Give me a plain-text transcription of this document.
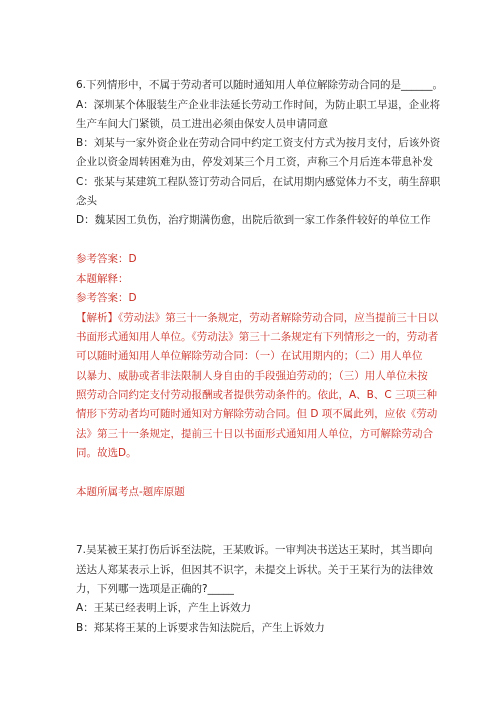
6.下列情形中，不属于劳动者可以随时通知用人单位解除劳动合同的是______。
A：深圳某个体服装生产企业非法延长劳动工作时间，为防止职工早退，企业将
生产车间大门紧锁，员工进出必须由保安人员申请同意
B：刘某与一家外资企业在劳动合同中约定工资支付方式为按月支付，后该外资
企业以资金周转困难为由，停发刘某三个月工资，声称三个月后连本带息补发
C：张某与某建筑工程队签订劳动合同后，在试用期内感觉体力不支，萌生辞职
念头
D：魏某因工负伤，治疗期满伤愈，出院后欲到一家工作条件较好的单位工作
参考答案：D
本题解释：
参考答案：D
【解析】《劳动法》第三十一条规定，劳动者解除劳动合同，应当提前三十日以
书面形式通知用人单位。《劳动法》第三十二条规定有下列情形之一的，劳动者
可以随时通知用人单位解除劳动合同：（一）在试用期内的；（二）用人单位
以暴力、威胁或者非法限制人身自由的手段强迫劳动的；（三）用人单位未按
照劳动合同约定支付劳动报酬或者提供劳动条件的。依此，A、B、C 三项三种
情形下劳动者均可随时通知对方解除劳动合同。但 D 项不属此列，应依《劳动
法》第三十一条规定，提前三十日以书面形式通知用人单位，方可解除劳动合
同。故选D。
本题所属考点-题库原题
7.吴某被王某打伤后诉至法院，王某败诉。一审判决书送达王某时，其当即向
送达人郑某表示上诉，但因其不识字，未提交上诉状。关于王某行为的法律效
力，下列哪一选项是正确的?_____
A：王某已经表明上诉，产生上诉效力
B：郑某将王某的上诉要求告知法院后，产生上诉效力
